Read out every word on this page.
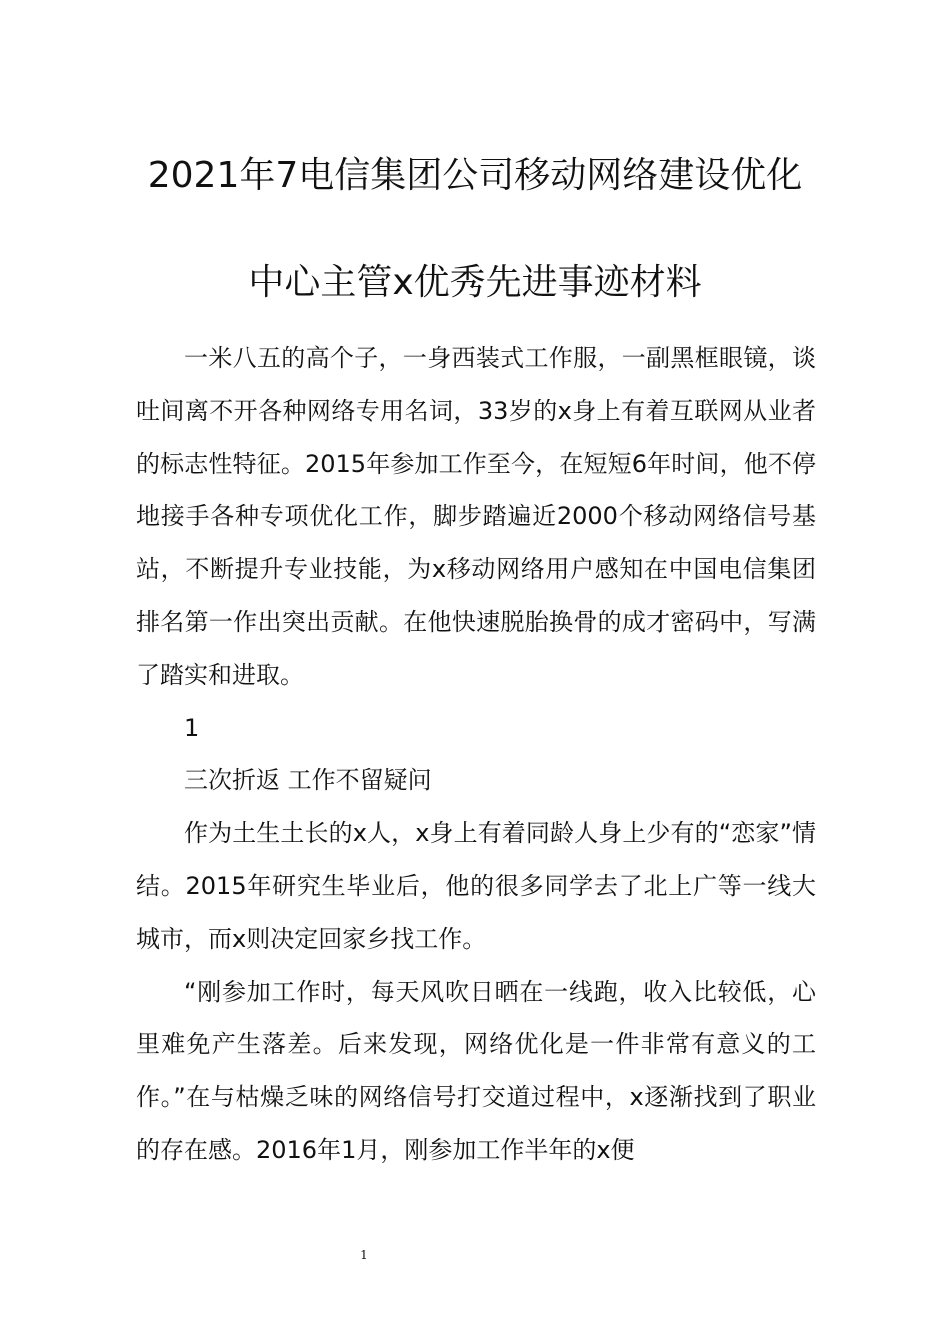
2021年7电信集团公司移动网络建设优化
中心主管x优秀先进事迹材料

一米八五的高个子，一身西装式工作服，一副黑框眼镜，谈吐间离不开各种网络专用名词，33岁的x身上有着互联网从业者的标志性特征。2015年参加工作至今，在短短6年时间，他不停地接手各种专项优化工作，脚步踏遍近2000个移动网络信号基站，不断提升专业技能，为x移动网络用户感知在中国电信集团排名第一作出突出贡献。在他快速脱胎换骨的成才密码中，写满了踏实和进取。

1

三次折返 工作不留疑问

作为土生土长的x人，x身上有着同龄人身上少有的“恋家”情结。2015年研究生毕业后，他的很多同学去了北上广等一线大城市，而x则决定回家乡找工作。

“刚参加工作时，每天风吹日晒在一线跑，收入比较低，心里难免产生落差。后来发现，网络优化是一件非常有意义的工作。”在与枯燥乏味的网络信号打交道过程中，x逐渐找到了职业的存在感。2016年1月，刚参加工作半年的x便

1
